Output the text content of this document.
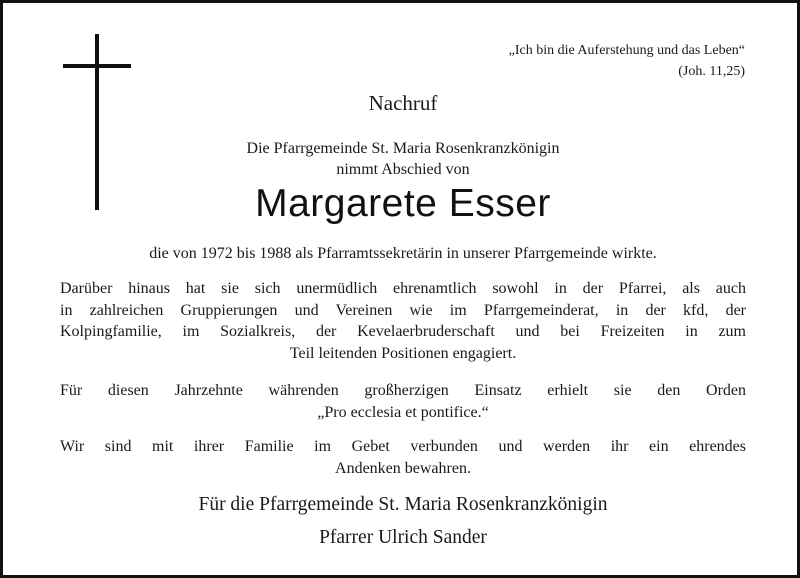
„Ich bin die Auferstehung und das Leben“
(Joh. 11,25)
Nachruf
Die Pfarrgemeinde St. Maria Rosenkranzkönigin
nimmt Abschied von
Margarete Esser
die von 1972 bis 1988 als Pfarramtssekretärin in unserer Pfarrgemeinde wirkte.
Darüber hinaus hat sie sich unermüdlich ehrenamtlich sowohl in der Pfarrei, als auch
in zahlreichen Gruppierungen und Vereinen wie im Pfarrgemeinderat, in der kfd, der
Kolpingfamilie, im Sozialkreis, der Kevelaerbruderschaft und bei Freizeiten in zum
Teil leitenden Positionen engagiert.
Für diesen Jahrzehnte währenden großherzigen Einsatz erhielt sie den Orden
„Pro ecclesia et pontifice.“
Wir sind mit ihrer Familie im Gebet verbunden und werden ihr ein ehrendes
Andenken bewahren.
Für die Pfarrgemeinde St. Maria Rosenkranzkönigin
Pfarrer Ulrich Sander
